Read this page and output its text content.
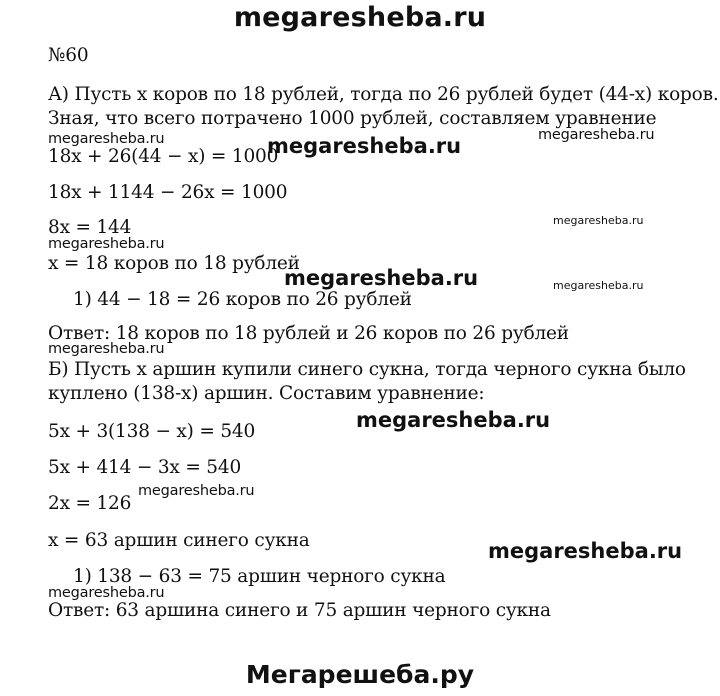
megaresheba.ru
№60
А) Пусть х коров по 18 рублей, тогда по 26 рублей будет (44-х) коров.
Зная, что всего потрачено 1000 рублей, составляем уравнение
megaresheba.ru
megaresheba.ru
18x + 26(44 − x) = 1000
megaresheba.ru
18x + 1144 − 26x = 1000
megaresheba.ru
8x = 144
megaresheba.ru
x = 18 коров по 18 рублей
megaresheba.ru	megaresheba.ru
1) 44 − 18 = 26 коров по 26 рублей
Ответ: 18 коров по 18 рублей и 26 коров по 26 рублей
megaresheba.ru
Б) Пусть х аршин купили синего сукна, тогда черного сукна было
куплено (138-х) аршин. Составим уравнение:
megaresheba.ru
5x + 3(138 − x) = 540
5x + 414 − 3x = 540
megaresheba.ru
2x = 126
x = 63 аршин синего сукна	megaresheba.ru
1) 138 − 63 = 75 аршин черного сукна
megaresheba.ru
Ответ: 63 аршина синего и 75 аршин черного сукна
Мегарешеба.ру
